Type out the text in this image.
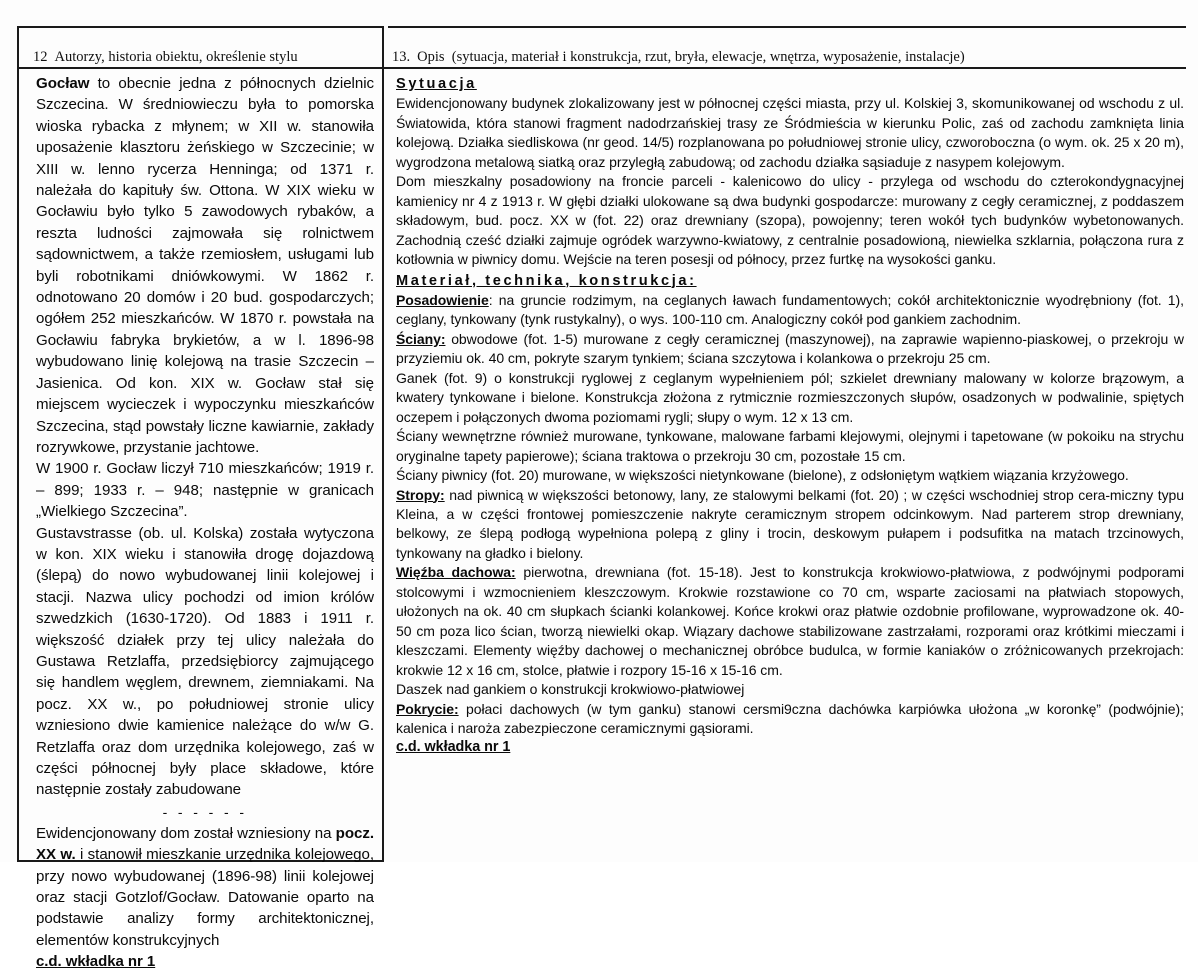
12 Autorzy, historia obiektu, określenie stylu	13. Opis (sytuacja, materiał i konstrukcja, rzut, bryła, elewacje, wnętrza, wyposażenie, instalacje)

Gocław to obecnie jedna z północnych dzielnic Szczecina. W średniowieczu była to pomorska wioska rybacka z młynem; w XII w. stanowiła uposażenie klasztoru żeńskiego w Szczecinie; w XIII w. lenno rycerza Henninga; od 1371 r. należała do kapituły św. Ottona. W XIX wieku w Gocławiu było tylko 5 zawodowych rybaków, a reszta ludności zajmowała się rolnictwem sądownictwem, a także rzemiosłem, usługami lub byli robotnikami dniówkowymi. W 1862 r. odnotowano 20 domów i 20 bud. gospodarczych; ogółem 252 mieszkańców. W 1870 r. powstała na Gocławiu fabryka brykietów, a w l. 1896-98 wybudowano linię kolejową na trasie Szczecin – Jasienica. Od kon. XIX w. Gocław stał się miejscem wycieczek i wypoczynku mieszkańców Szczecina, stąd powstały liczne kawiarnie, zakłady rozrywkowe, przystanie jachtowe.

W 1900 r. Gocław liczył 710 mieszkańców; 1919 r. – 899; 1933 r. – 948; następnie w granicach „Wielkiego Szczecina”.

Gustavstrasse (ob. ul. Kolska) została wytyczona w kon. XIX wieku i stanowiła drogę dojazdową (ślepą) do nowo wybudowanej linii kolejowej i stacji. Nazwa ulicy pochodzi od imion królów szwedzkich (1630-1720). Od 1883 i 1911 r. większość działek przy tej ulicy należała do Gustawa Retzlaffa, przedsiębiorcy zajmującego się handlem węglem, drewnem, ziemniakami. Na pocz. XX w., po południowej stronie ulicy wzniesiono dwie kamienice należące do w/w G. Retzlaffa oraz dom urzędnika kolejowego, zaś w części północnej były place składowe, które następnie zostały zabudowane

- - - - - -

Ewidencjonowany dom został wzniesiony na pocz. XX w. i stanowił mieszkanie urzędnika kolejowego, przy nowo wybudowanej (1896-98) linii kolejowej oraz stacji Gotzlof/Gocław. Datowanie oparto na podstawie analizy formy architektonicznej, elementów konstrukcyjnych

c.d. wkładka nr 1
Sytuacja

Ewidencjonowany budynek zlokalizowany jest w północnej części miasta, przy ul. Kolskiej 3, skomunikowanej od wschodu z ul. Światowida, która stanowi fragment nadodrzańskiej trasy ze Śródmieścia w kierunku Polic, zaś od zachodu zamknięta linia kolejową. Działka siedliskowa (nr geod. 14/5) rozplanowana po południowej stronie ulicy, czworoboczna (o wym. ok. 25 x 20 m), wygrodzona metalową siatką oraz przyległą zabudową; od zachodu działka sąsiaduje z nasypem kolejowym.

Dom mieszkalny posadowiony na froncie parceli - kalenicowo do ulicy - przylega od wschodu do czterokondygnacyjnej kamienicy nr 4 z 1913 r. W głębi działki ulokowane są dwa budynki gospodarcze: murowany z cegły ceramicznej, z poddaszem składowym, bud. pocz. XX w (fot. 22) oraz drewniany (szopa), powojenny; teren wokół tych budynków wybetonowanych. Zachodnią cześć działki zajmuje ogródek warzywno-kwiatowy, z centralnie posadowioną, niewielka szklarnia, połączona rura z kotłownia w piwnicy domu. Wejście na teren posesji od północy, przez furtkę na wysokości ganku.

Materiał, technika, konstrukcja:

Posadowienie: na gruncie rodzimym, na ceglanych ławach fundamentowych; cokół architektonicznie wyodrębniony (fot. 1), ceglany, tynkowany (tynk rustykalny), o wys. 100-110 cm. Analogiczny cokół pod gankiem zachodnim.

Ściany: obwodowe (fot. 1-5) murowane z cegły ceramicznej (maszynowej), na zaprawie wapienno-piaskowej, o przekroju w przyziemiu ok. 40 cm, pokryte szarym tynkiem; ściana szczytowa i kolankowa o przekroju 25 cm.

Ganek (fot. 9) o konstrukcji ryglowej z ceglanym wypełnieniem pól; szkielet drewniany malowany w kolorze brązowym, a kwatery tynkowane i bielone. Konstrukcja złożona z rytmicznie rozmieszczonych słupów, osadzonych w podwalinie, spiętych oczepem i połączonych dwoma poziomami rygli; słupy o wym. 12 x 13 cm.

Ściany wewnętrzne również murowane, tynkowane, malowane farbami klejowymi, olejnymi i tapetowane (w pokoiku na strychu oryginalne tapety papierowe); ściana traktowa o przekroju 30 cm, pozostałe 15 cm.

Ściany piwnicy (fot. 20) murowane, w większości nietynkowane (bielone), z odsłoniętym wątkiem wiązania krzyżowego.

Stropy: nad piwnicą w większości betonowy, lany, ze stalowymi belkami (fot. 20) ; w części wschodniej strop cera-miczny typu Kleina, a w części frontowej pomieszczenie nakryte ceramicznym stropem odcinkowym. Nad parterem strop drewniany, belkowy, ze ślepą podłogą wypełniona polepą z gliny i trocin, deskowym pułapem i podsufitka na matach trzcinowych, tynkowany na gładko i bielony.

Więźba dachowa: pierwotna, drewniana (fot. 15-18). Jest to konstrukcja krokwiowo-płatwiowa, z podwójnymi podporami stolcowymi i wzmocnieniem kleszczowym. Krokwie rozstawione co 70 cm, wsparte zaciosami na płatwiach stopowych, ułożonych na ok. 40 cm słupkach ścianki kolankowej. Końce krokwi oraz płatwie ozdobnie profilowane, wyprowadzone ok. 40-50 cm poza lico ścian, tworzą niewielki okap. Wiązary dachowe stabilizowane zastrzałami, rozporami oraz krótkimi mieczami i kleszczami. Elementy więźby dachowej o mechanicznej obróbce budulca, w formie kaniaków o zróżnicowanych przekrojach: krokwie 12 x 16 cm, stolce, płatwie i rozpory 15-16 x 15-16 cm.

Daszek nad gankiem o konstrukcji krokwiowo-płatwiowej

Pokrycie: połaci dachowych (w tym ganku) stanowi cersmi9czna dachówka karpiówka ułożona „w koronkę” (podwójnie); kalenica i naroża zabezpieczone ceramicznymi gąsiorami.

c.d. wkładka nr 1
